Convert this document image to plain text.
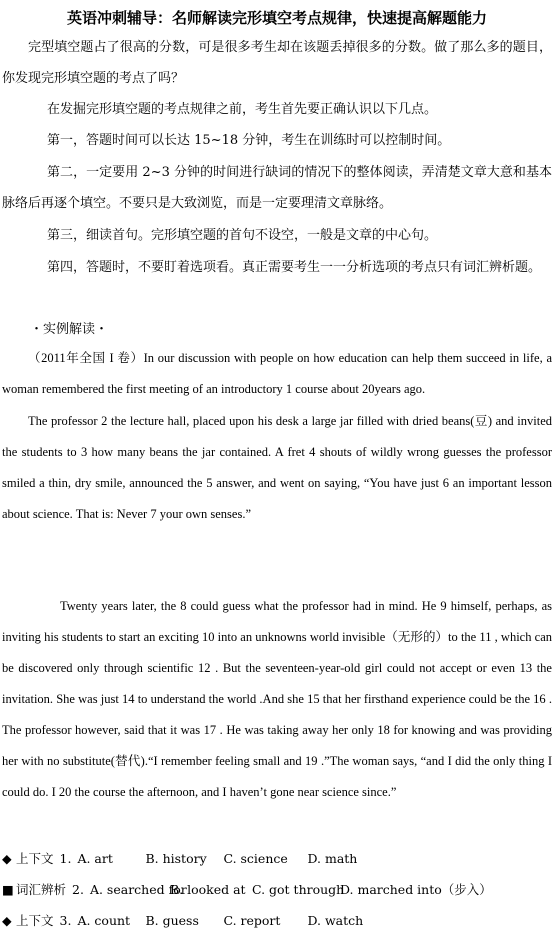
英语冲刺辅导：名师解读完形填空考点规律，快速提高解题能力

完型填空题占了很高的分数，可是很多考生却在该题丢掉很多的分数。做了那么多的题目，你发现完形填空题的考点了吗？

在发掘完形填空题的考点规律之前，考生首先要正确认识以下几点。

第一，答题时间可以长达 15~18 分钟，考生在训练时可以控制时间。

第二，一定要用 2~3 分钟的时间进行缺词的情况下的整体阅读，弄清楚文章大意和基本脉络后再逐个填空。不要只是大致浏览，而是一定要理清文章脉络。

第三，细读首句。完形填空题的首句不设空，一般是文章的中心句。

第四，答题时，不要盯着选项看。真正需要考生一一分析选项的考点只有词汇辨析题。

・实例解读・

（2011年全国 I 卷）In our discussion with people on how education can help them succeed in life, a woman remembered the first meeting of an introductory 1 course about 20years ago.

The professor 2 the lecture hall, placed upon his desk a large jar filled with dried beans(豆) and invited the students to 3 how many beans the jar contained. A fret 4 shouts of wildly wrong guesses the professor smiled a thin, dry smile, announced the 5 answer, and went on saying, “You have just 6 an important lesson about science. That is: Never 7 your own senses.”

Twenty years later, the 8 could guess what the professor had in mind. He 9 himself, perhaps, as inviting his students to start an exciting 10 into an unknowns world invisible（无形的）to the 11 , which can be discovered only through scientific 12 . But the seventeen-year-old girl could not accept or even 13 the invitation. She was just 14 to understand the world .And she 15 that her firsthand experience could be the 16 . The professor however, said that it was 17 . He was taking away her only 18 for knowing and was providing her with no substitute(替代).“I remember feeling small and 19 .”The woman says, “and I did the only thing I could do. I 20 the course the afternoon, and I haven’t gone near science since.”

◆ 上下文 1. A. art	B. history C. science D. math
■ 词汇辨析 2. A. searched forB. looked at C. got throughD. marched into（步入）
◆ 上下文 3. A. count B. guess C. report D. watch
